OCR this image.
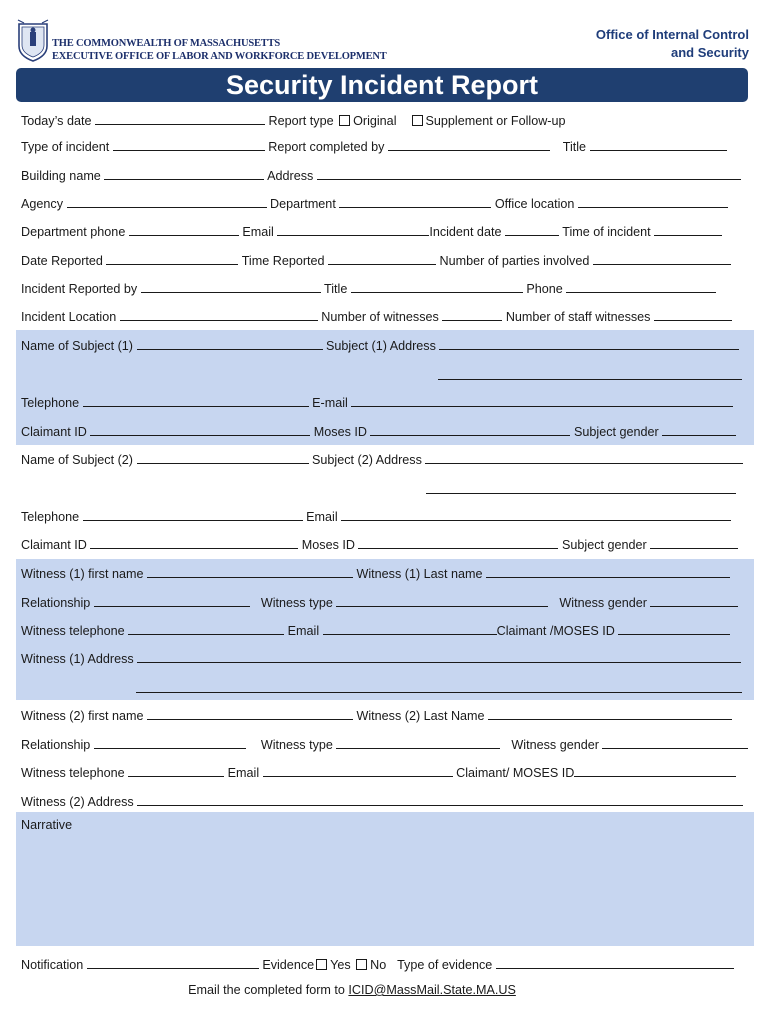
THE COMMONWEALTH OF MASSACHUSETTS
EXECUTIVE OFFICE OF LABOR AND WORKFORCE DEVELOPMENT
Office of Internal Control
and Security
Security Incident Report
Today’s date	Report type Original Supplement or Follow-up
Type of incident	Report completed by	Title
Building name	Address
Agency	Department	Office location
Department phone	Email	Incident date	Time of incident
Date Reported	Time Reported	Number of parties involved
Incident Reported by	Title	Phone
Incident Location	Number of witnesses	Number of staff witnesses
Name of Subject (1)	Subject (1) Address
Telephone	E-mail
Claimant ID	Moses ID	Subject gender
Name of Subject (2)	Subject (2) Address
Telephone	Email
Claimant ID	Moses ID	Subject gender
Witness (1) first name	Witness (1) Last name
Relationship	Witness type	Witness gender
Witness telephone	Email	Claimant /MOSES ID
Witness (1) Address
Witness (2) first name	Witness (2) Last Name
Relationship	Witness type	Witness gender
Witness telephone	Email	Claimant/ MOSES ID
Witness (2) Address
Narrative
Notification	Evidence Yes No Type of evidence
Email the completed form to ICID@MassMail.State.MA.US
